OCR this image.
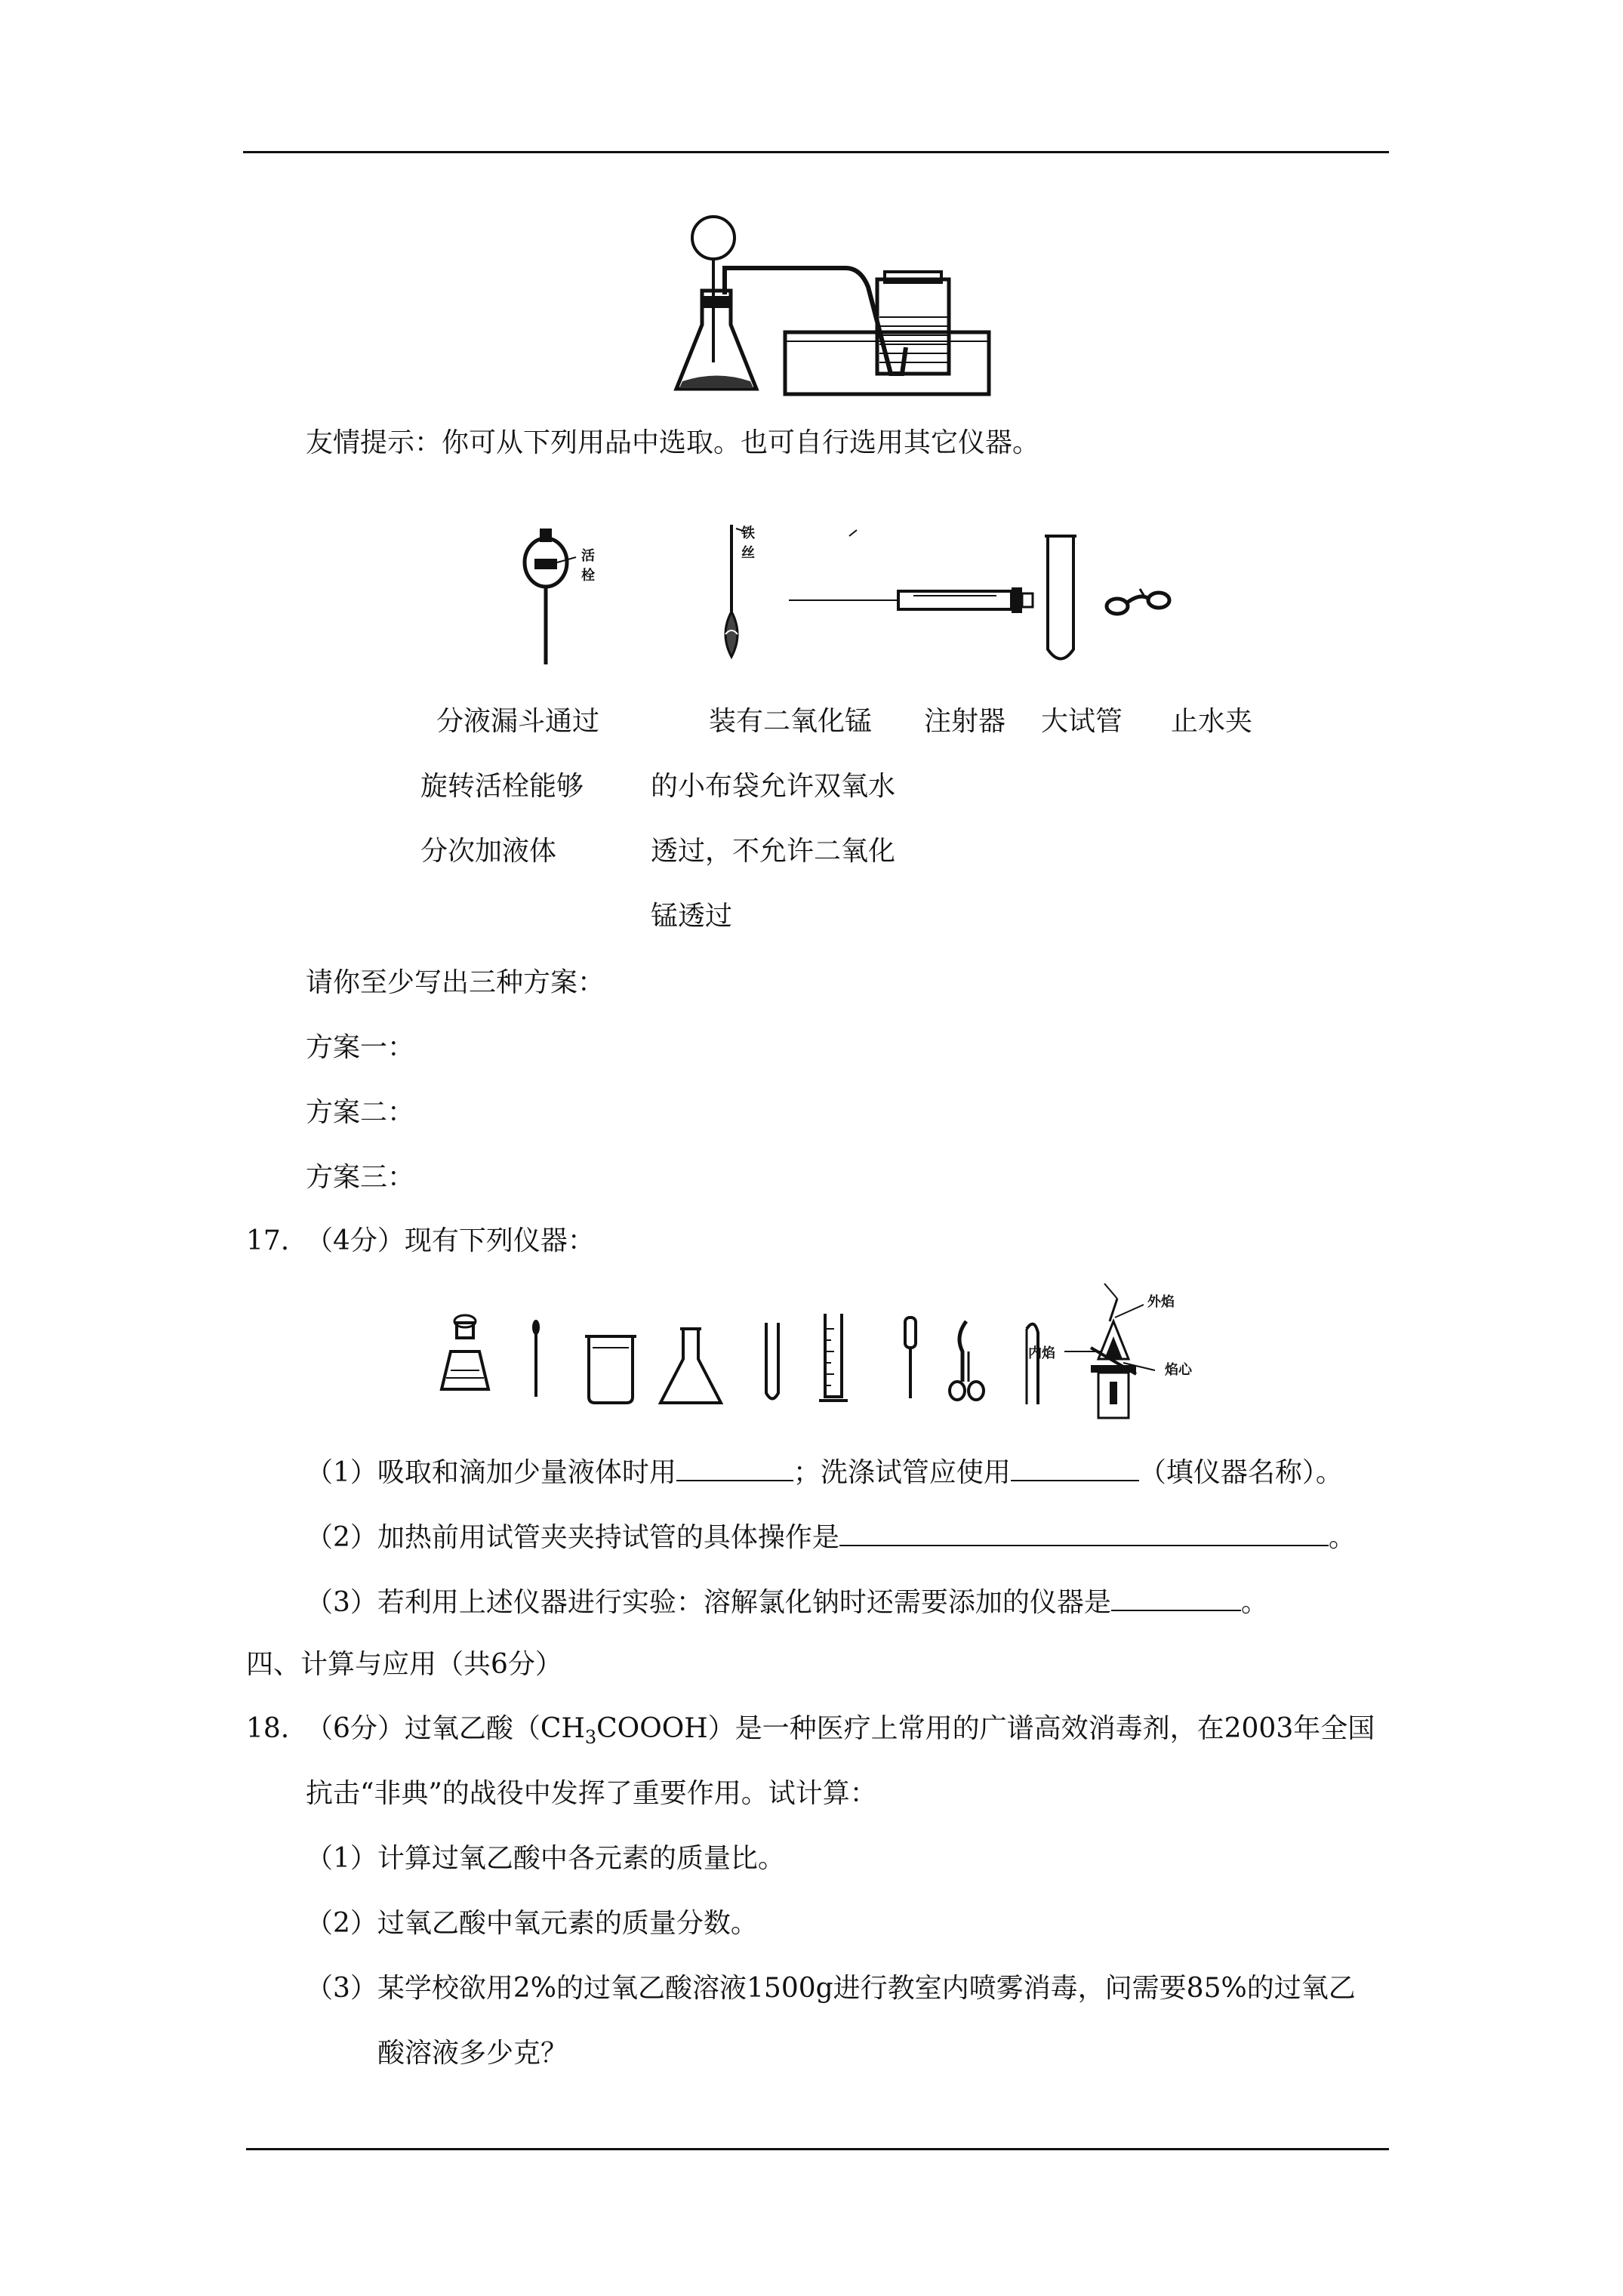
友情提示：你可从下列用品中选取。也可自行选用其它仪器。
活栓
铁丝
分液漏斗通过
旋转活栓能够
分次加液体
装有二氧化锰
的小布袋允许双氧水
透过，不允许二氧化
锰透过
注射器 大试管 止水夹
请你至少写出三种方案：
方案一：
方案二：
方案三：
17. （4分）现有下列仪器：
外焰
内焰
焰心
（1）吸取和滴加少量液体时用	；洗涤试管应使用	（填仪器名称）。
（2）加热前用试管夹夹持试管的具体操作是	。
（3）若利用上述仪器进行实验：溶解氯化钠时还需要添加的仪器是	。
四、计算与应用（共6分）
18. （6分）过氧乙酸$(CH_3COOOH)$是一种医疗上常用的广谱高效消毒剂，在2003年全国
抗击“非典”的战役中发挥了重要作用。试计算：
（1）计算过氧乙酸中各元素的质量比。
（2）过氧乙酸中氧元素的质量分数。
（3）某学校欲用2%的过氧乙酸溶液1500g进行教室内喷雾消毒，问需要85%的过氧乙
酸溶液多少克？
